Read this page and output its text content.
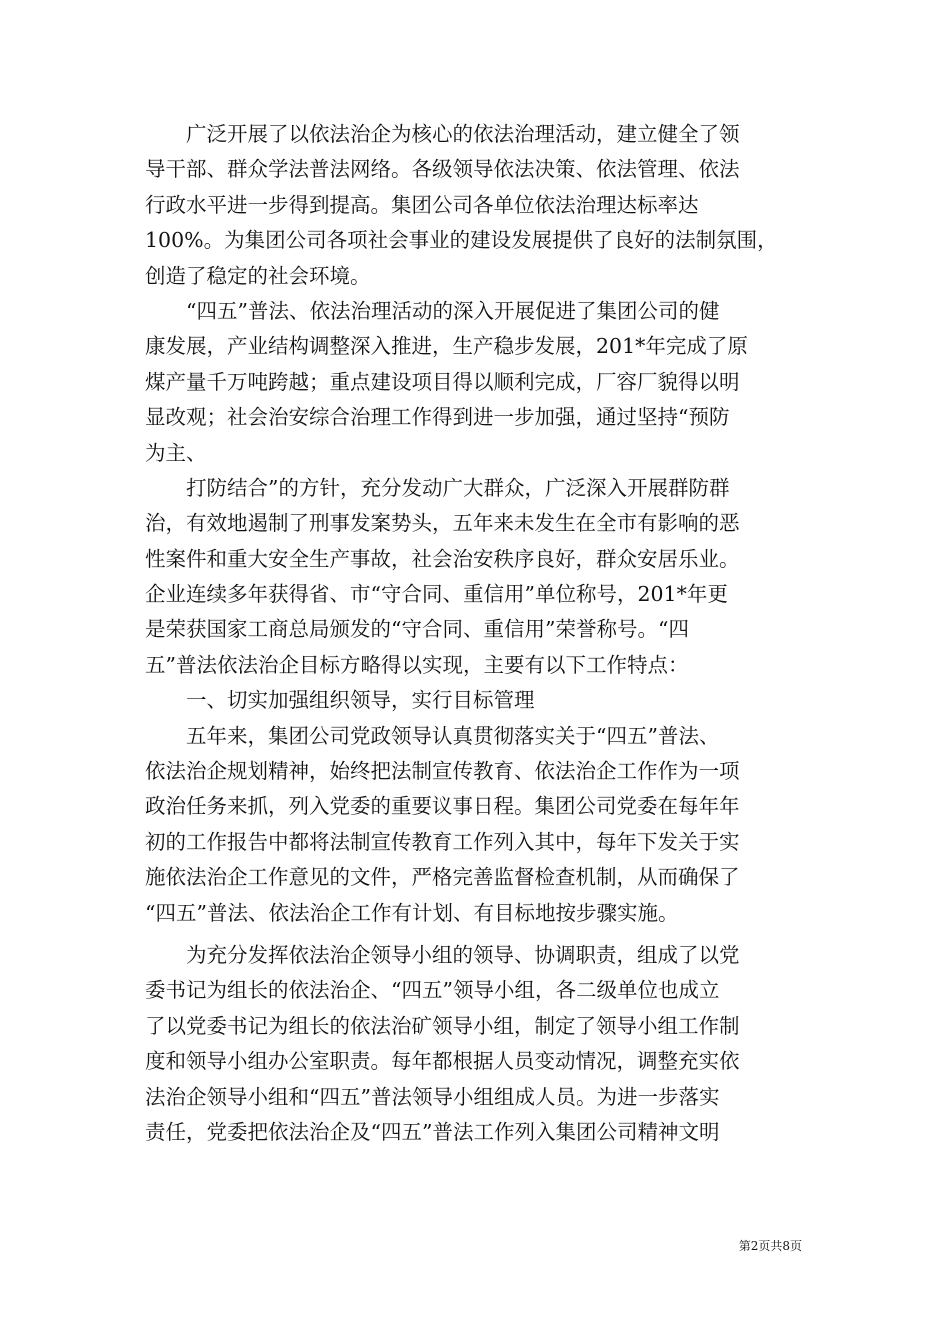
　　广泛开展了以依法治企为核心的依法治理活动，建立健全了领
导干部、群众学法普法网络。各级领导依法决策、依法管理、依法
行政水平进一步得到提高。集团公司各单位依法治理达标率达
100%。为集团公司各项社会事业的建设发展提供了良好的法制氛围，
创造了稳定的社会环境。
　　“四五”普法、依法治理活动的深入开展促进了集团公司的健
康发展，产业结构调整深入推进，生产稳步发展，201*年完成了原
煤产量千万吨跨越；重点建设项目得以顺利完成，厂容厂貌得以明
显改观；社会治安综合治理工作得到进一步加强，通过坚持“预防
为主、
　　打防结合”的方针，充分发动广大群众，广泛深入开展群防群
治，有效地遏制了刑事发案势头，五年来未发生在全市有影响的恶
性案件和重大安全生产事故，社会治安秩序良好，群众安居乐业。
企业连续多年获得省、市“守合同、重信用”单位称号，201*年更
是荣获国家工商总局颁发的“守合同、重信用”荣誉称号。“四
五”普法依法治企目标方略得以实现，主要有以下工作特点：
　　一、切实加强组织领导，实行目标管理
　　五年来，集团公司党政领导认真贯彻落实关于“四五”普法、
依法治企规划精神，始终把法制宣传教育、依法治企工作作为一项
政治任务来抓，列入党委的重要议事日程。集团公司党委在每年年
初的工作报告中都将法制宣传教育工作列入其中，每年下发关于实
施依法治企工作意见的文件，严格完善监督检查机制，从而确保了
“四五”普法、依法治企工作有计划、有目标地按步骤实施。
　　为充分发挥依法治企领导小组的领导、协调职责，组成了以党
委书记为组长的依法治企、“四五”领导小组，各二级单位也成立
了以党委书记为组长的依法治矿领导小组，制定了领导小组工作制
度和领导小组办公室职责。每年都根据人员变动情况，调整充实依
法治企领导小组和“四五”普法领导小组组成人员。为进一步落实
责任，党委把依法治企及“四五”普法工作列入集团公司精神文明
第2页共8页
